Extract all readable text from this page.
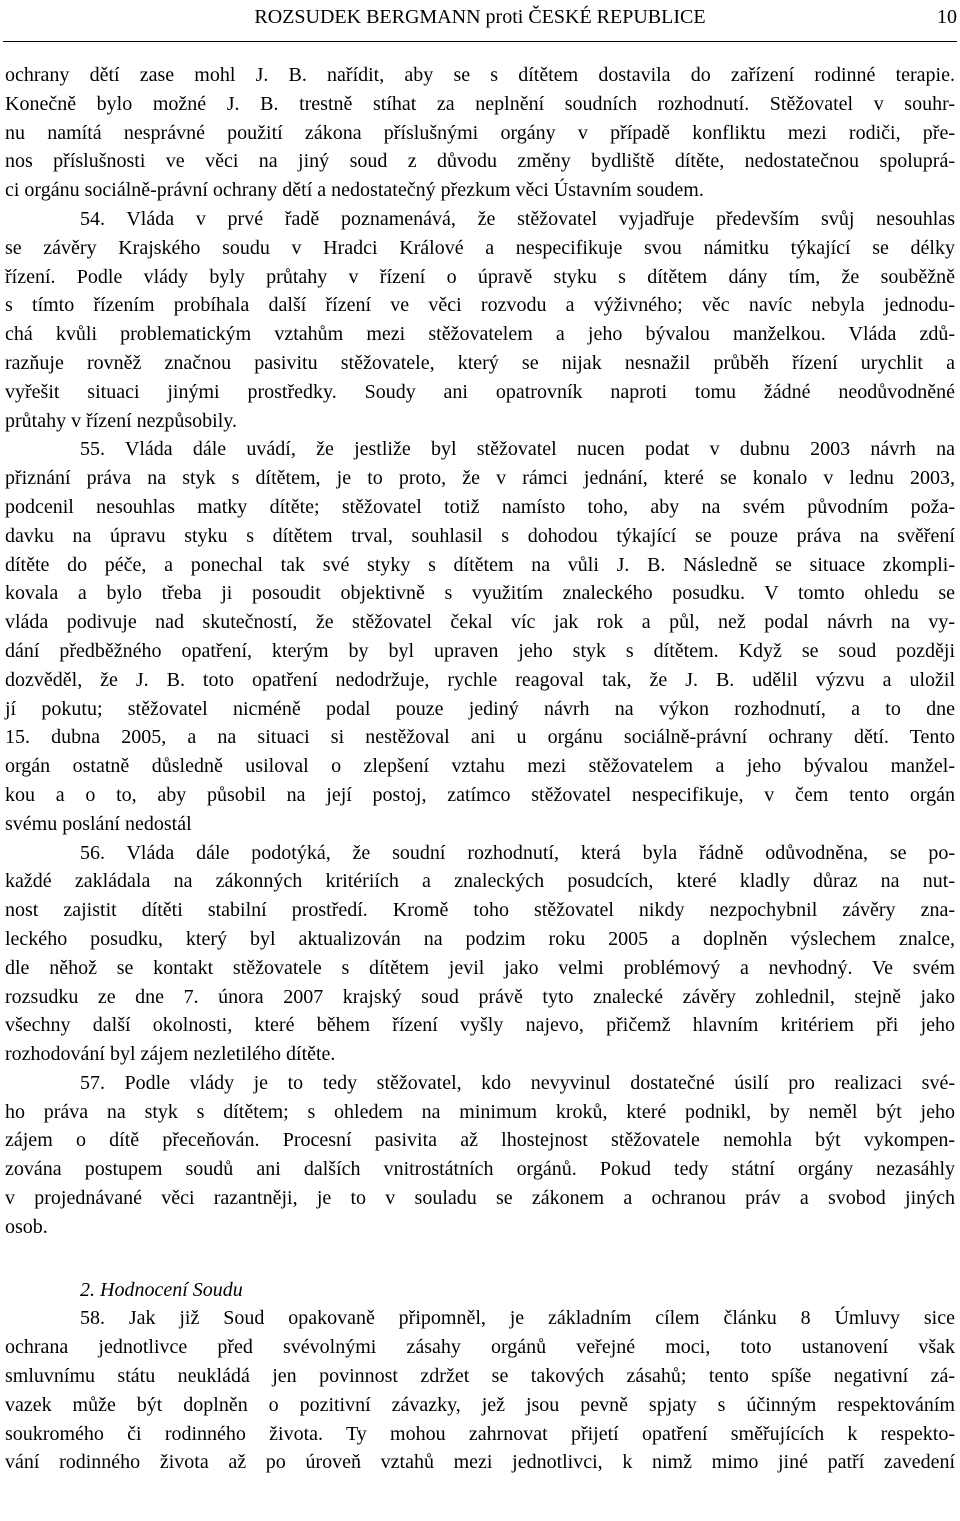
ROZSUDEK BERGMANN proti ČESKÉ REPUBLICE	10
ochrany dětí zase mohl J. B. nařídit, aby se s dítětem dostavila do zařízení rodinné terapie.
Konečně bylo možné J. B. trestně stíhat za neplnění soudních rozhodnutí. Stěžovatel v souhr-
nu namítá nesprávné použití zákona příslušnými orgány v případě konfliktu mezi rodiči, pře-
nos příslušnosti ve věci na jiný soud z důvodu změny bydliště dítěte, nedostatečnou spoluprá-
ci orgánu sociálně-právní ochrany dětí a nedostatečný přezkum věci Ústavním soudem.
54. Vláda v prvé řadě poznamenává, že stěžovatel vyjadřuje především svůj nesouhlas
se závěry Krajského soudu v Hradci Králové a nespecifikuje svou námitku týkající se délky
řízení. Podle vlády byly průtahy v řízení o úpravě styku s dítětem dány tím, že souběžně
s tímto řízením probíhala další řízení ve věci rozvodu a výživného; věc navíc nebyla jednodu-
chá kvůli problematickým vztahům mezi stěžovatelem a jeho bývalou manželkou. Vláda zdů-
razňuje rovněž značnou pasivitu stěžovatele, který se nijak nesnažil průběh řízení urychlit a
vyřešit situaci jinými prostředky. Soudy ani opatrovník naproti tomu žádné neodůvodněné
průtahy v řízení nezpůsobily.
55. Vláda dále uvádí, že jestliže byl stěžovatel nucen podat v dubnu 2003 návrh na
přiznání práva na styk s dítětem, je to proto, že v rámci jednání, které se konalo v lednu 2003,
podcenil nesouhlas matky dítěte; stěžovatel totiž namísto toho, aby na svém původním poža-
davku na úpravu styku s dítětem trval, souhlasil s dohodou týkající se pouze práva na svěření
dítěte do péče, a ponechal tak své styky s dítětem na vůli J. B. Následně se situace zkompli-
kovala a bylo třeba ji posoudit objektivně s využitím znaleckého posudku. V tomto ohledu se
vláda podivuje nad skutečností, že stěžovatel čekal víc jak rok a půl, než podal návrh na vy-
dání předběžného opatření, kterým by byl upraven jeho styk s dítětem. Když se soud později
dozvěděl, že J. B. toto opatření nedodržuje, rychle reagoval tak, že J. B. udělil výzvu a uložil
jí pokutu; stěžovatel nicméně podal pouze jediný návrh na výkon rozhodnutí, a to dne
15. dubna 2005, a na situaci si nestěžoval ani u orgánu sociálně-právní ochrany dětí. Tento
orgán ostatně důsledně usiloval o zlepšení vztahu mezi stěžovatelem a jeho bývalou manžel-
kou a o to, aby působil na její postoj, zatímco stěžovatel nespecifikuje, v čem tento orgán
svému poslání nedostál
56. Vláda dále podotýká, že soudní rozhodnutí, která byla řádně odůvodněna, se po-
každé zakládala na zákonných kritériích a znaleckých posudcích, které kladly důraz na nut-
nost zajistit dítěti stabilní prostředí. Kromě toho stěžovatel nikdy nezpochybnil závěry zna-
leckého posudku, který byl aktualizován na podzim roku 2005 a doplněn výslechem znalce,
dle něhož se kontakt stěžovatele s dítětem jevil jako velmi problémový a nevhodný. Ve svém
rozsudku ze dne 7. února 2007 krajský soud právě tyto znalecké závěry zohlednil, stejně jako
všechny další okolnosti, které během řízení vyšly najevo, přičemž hlavním kritériem při jeho
rozhodování byl zájem nezletilého dítěte.
57. Podle vlády je to tedy stěžovatel, kdo nevyvinul dostatečné úsilí pro realizaci své-
ho práva na styk s dítětem; s ohledem na minimum kroků, které podnikl, by neměl být jeho
zájem o dítě přeceňován. Procesní pasivita až lhostejnost stěžovatele nemohla být vykompen-
zována postupem soudů ani dalších vnitrostátních orgánů. Pokud tedy státní orgány nezasáhly
v projednávané věci razantněji, je to v souladu se zákonem a ochranou práv a svobod jiných
osob.
2. Hodnocení Soudu
58. Jak již Soud opakovaně připomněl, je základním cílem článku 8 Úmluvy sice
ochrana jednotlivce před svévolnými zásahy orgánů veřejné moci, toto ustanovení však
smluvnímu státu neukládá jen povinnost zdržet se takových zásahů; tento spíše negativní zá-
vazek může být doplněn o pozitivní závazky, jež jsou pevně spjaty s účinným respektováním
soukromého či rodinného života. Ty mohou zahrnovat přijetí opatření směřujících k respekto-
vání rodinného života až po úroveň vztahů mezi jednotlivci, k nimž mimo jiné patří zavedení
